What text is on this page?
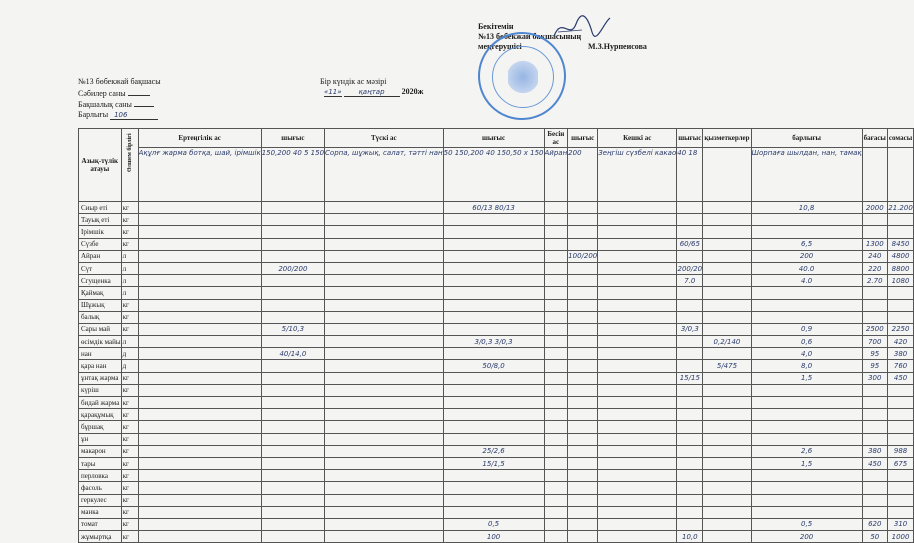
Бекітемін
№13 бөбекжай бақшасының
меңгерушісі	М.З.Нурпеисова
№13 бөбекжай бақшасы
Сәбилер саны
Бақшалық саны
Барлығы 106
Бір күндік ас мәзірі
«11» қаңтар 2020ж
Азық-түлік атауы	Өлшем бірлігі	Ертеңгілік ас	шығыс	Түскі ас	шығыс	Бесін ас	шығыс	Кешкі ас	шығыс	қызметкерлер	барлығы	бағасы	сомасы
		Ақұлғ жарма ботқа, шай, ірімшік	150,200 40 5 150	Сорпа, шұжық, салат, тәтті нан	50 150,200 40 150,50 x 150	Айран	200	Зеңгіш сүзбелі какао	40 18		Шорпаға шылдан, нан, тамақ		
Сиыр еті	кг				60/13 80/13						10,8	2000	21.200
Тауық еті	кг												
Ірімшік	кг												
Сүзбе	кг								60/65		6,5	1300	8450
Айран	л						100/200				200	240	4800
Сүт	л		200/200						200/20		40.0	220	8800
Сгущенка	л								7.0		4.0	2.70	1080
Қаймақ	л												
Шұжық	кг												
балық	кг												
Сары май	кг		5/10,3						3/0,3		0,9	2500	2250
өсімдік майы	л				3/0,3 3/0,3					0,2/140	0,6	700	420
нан	д		40/14,0								4,0	95	380
қара нан	д				50/8,0					5/475	8,0	95	760
ұнтақ жарма	кг								15/15		1,5	300	450
күріш	кг												
бидай жарма	кг												
қарақұмық	кг												
бұршақ	кг												
ұн	кг												
макарон	кг				25/2,6						2,6	380	988
тары	кг				15/1,5						1,5	450	675
перловка	кг												
фасоль	кг												
геркулес	кг												
манка	кг												
томат	кг				0,5						0,5	620	310
жұмыртқа	кг				100				10,0		200	50	1000
